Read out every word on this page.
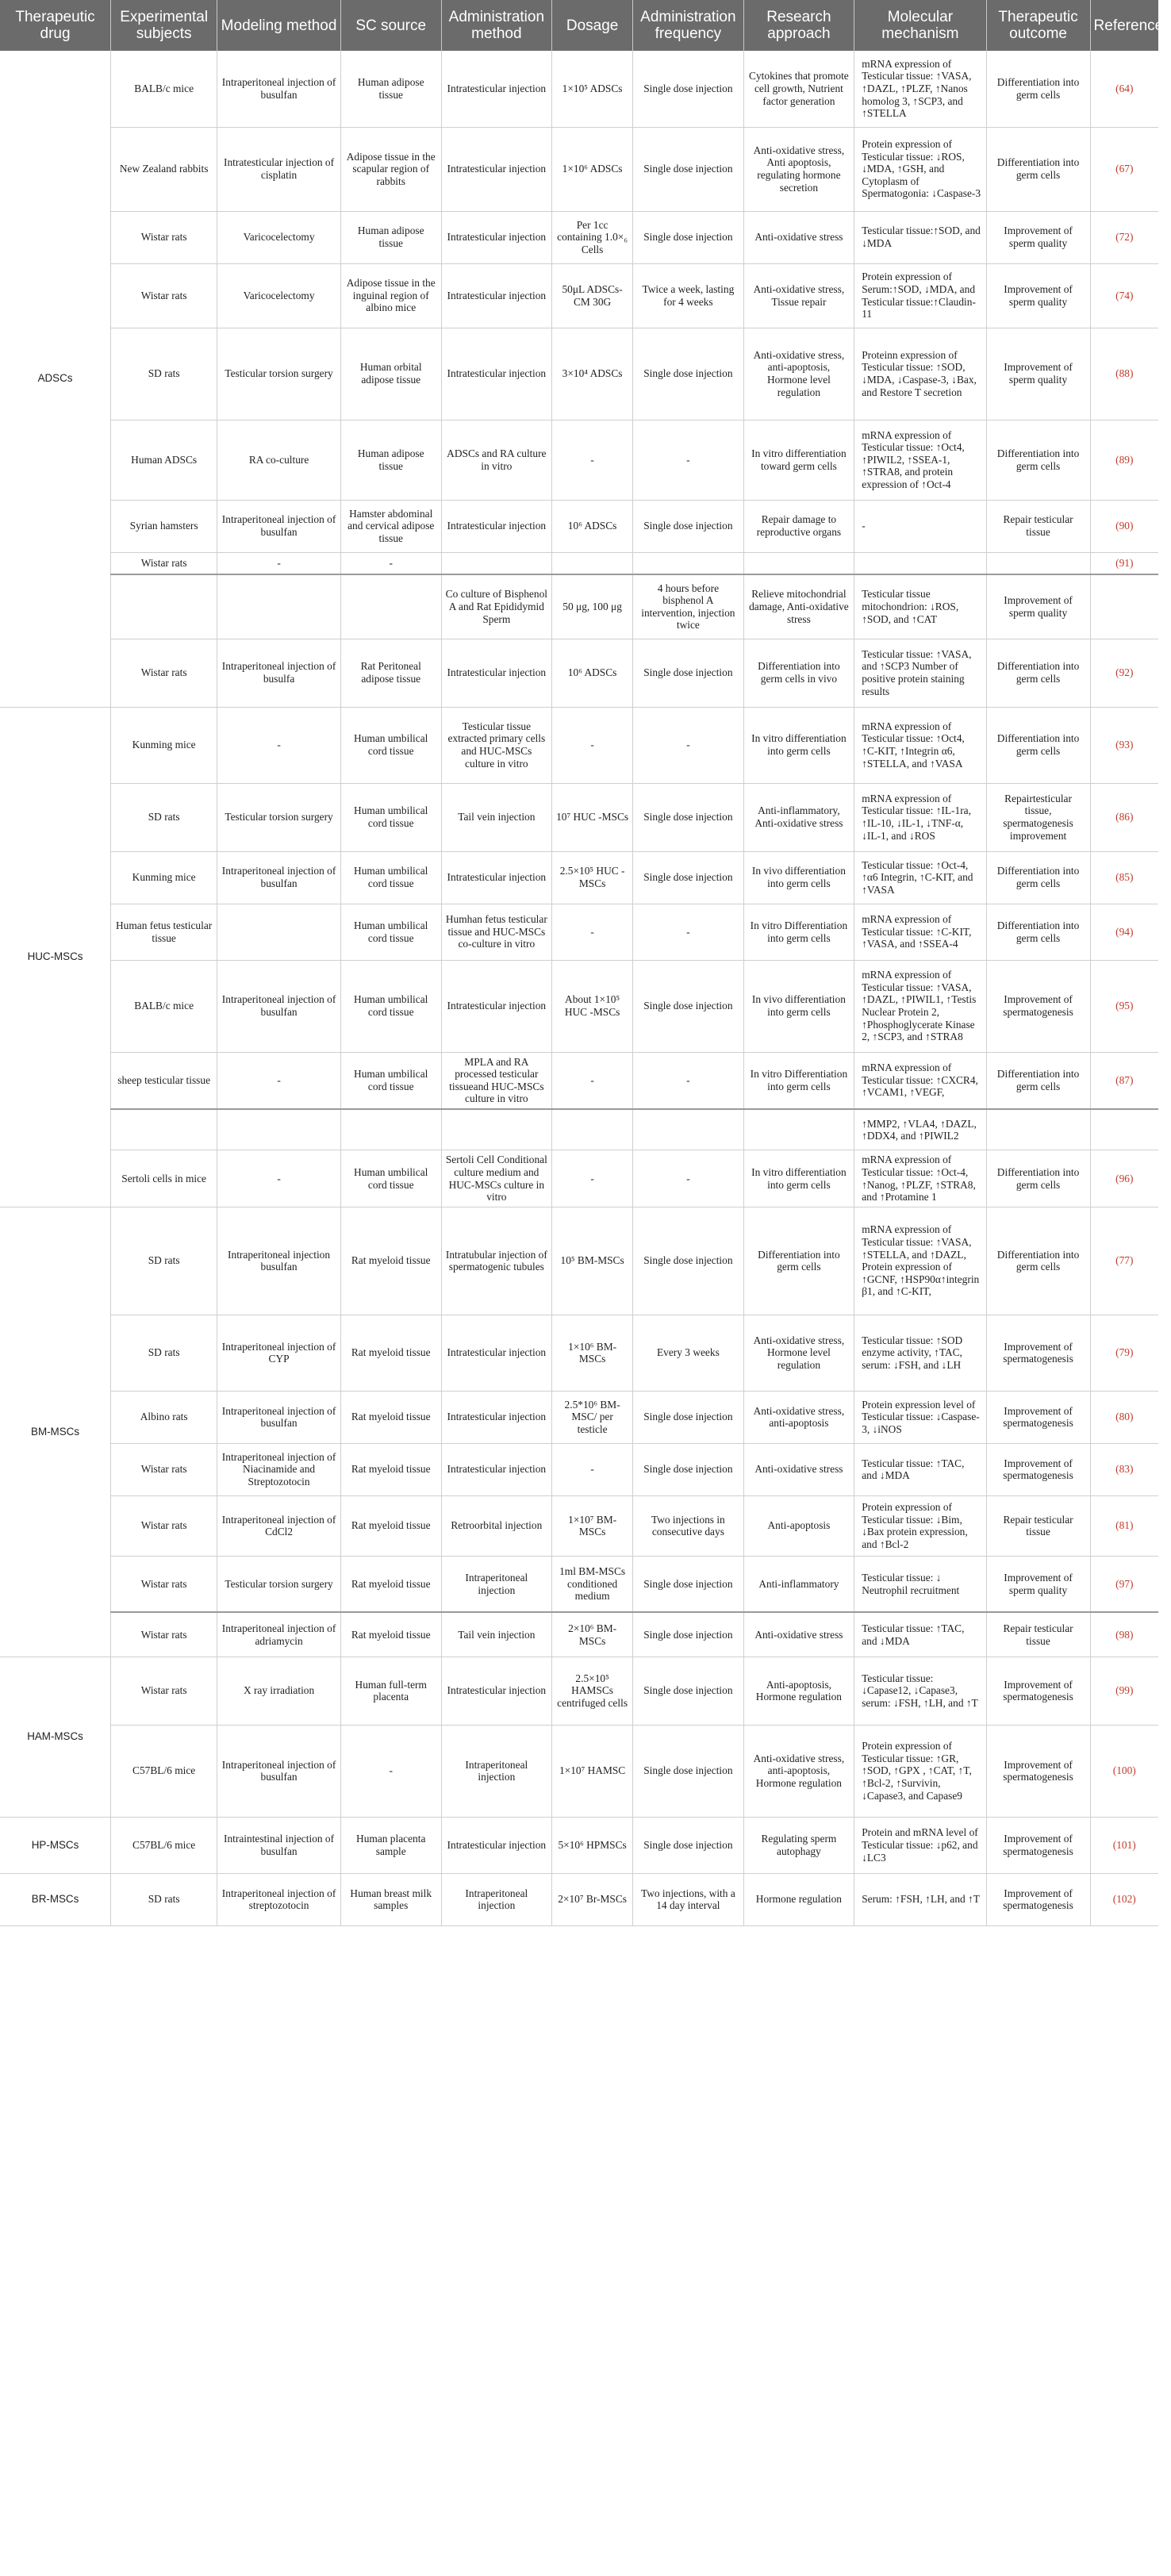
Therapeutic drug	Experimental subjects	Modeling method	SC source	Administration method	Dosage	Administration frequency	Research approach	Molecular mechanism	Therapeutic outcome	References
ADSCs	BALB/c mice	Intraperitoneal injection of busulfan	Human adipose tissue	Intratesticular injection	1×10⁵ ADSCs	Single dose injection	Cytokines that promote cell growth, Nutrient factor generation	mRNA expression of Testicular tissue: ↑VASA, ↑DAZL, ↑PLZF, ↑Nanos homolog 3, ↑SCP3, and ↑STELLA	Differentiation into germ cells	(64)
	New Zealand rabbits	Intratesticular injection of cisplatin	Adipose tissue in the scapular region of rabbits	Intratesticular injection	1×10⁶ ADSCs	Single dose injection	Anti-oxidative stress, Anti apoptosis, regulating hormone secretion	Protein expression of Testicular tissue: ↓ROS, ↓MDA, ↑GSH, and Cytoplasm of Spermatogonia: ↓Caspase-3	Differentiation into germ cells	(67)
	Wistar rats	Varicocelectomy	Human adipose tissue	Intratesticular injection	Per 1cc containing 1.0×₆ Cells	Single dose injection	Anti-oxidative stress	Testicular tissue:↑SOD, and ↓MDA	Improvement of sperm quality	(72)
	Wistar rats	Varicocelectomy	Adipose tissue in the inguinal region of albino mice	Intratesticular injection	50μL ADSCs-CM 30G	Twice a week, lasting for 4 weeks	Anti-oxidative stress, Tissue repair	Protein expression of Serum:↑SOD, ↓MDA, and Testicular tissue:↑Claudin-11	Improvement of sperm quality	(74)
	SD rats	Testicular torsion surgery	Human orbital adipose tissue	Intratesticular injection	3×10⁴ ADSCs	Single dose injection	Anti-oxidative stress, anti-apoptosis, Hormone level regulation	Proteinn expression of Testicular tissue: ↑SOD, ↓MDA, ↓Caspase-3, ↓Bax, and Restore T secretion	Improvement of sperm quality	(88)
	Human ADSCs	RA co-culture	Human adipose tissue	ADSCs and RA culture in vitro	-	-	In vitro differentiation toward germ cells	mRNA expression of Testicular tissue: ↑Oct4, ↑PIWIL2, ↑SSEA-1, ↑STRA8, and protein expression of ↑Oct-4	Differentiation into germ cells	(89)
	Syrian hamsters	Intraperitoneal injection of busulfan	Hamster abdominal and cervical adipose tissue	Intratesticular injection	10⁶ ADSCs	Single dose injection	Repair damage to reproductive organs	-	Repair testicular tissue	(90)
	Wistar rats	-	-							(91)
				Co culture of Bisphenol A and Rat Epididymid Sperm	50 μg, 100 μg	4 hours before bisphenol A intervention, injection twice	Relieve mitochondrial damage, Anti-oxidative stress	Testicular tissue mitochondrion: ↓ROS, ↑SOD, and ↑CAT	Improvement of sperm quality	
	Wistar rats	Intraperitoneal injection of busulfa	Rat Peritoneal adipose tissue	Intratesticular injection	10⁶ ADSCs	Single dose injection	Differentiation into germ cells in vivo	Testicular tissue: ↑VASA, and ↑SCP3 Number of positive protein staining results	Differentiation into germ cells	(92)
HUC-MSCs	Kunming mice	-	Human umbilical cord tissue	Testicular tissue extracted primary cells and HUC-MSCs culture in vitro	-	-	In vitro differentiation into germ cells	mRNA expression of Testicular tissue: ↑Oct4, ↑C-KIT, ↑Integrin α6, ↑STELLA, and ↑VASA	Differentiation into germ cells	(93)
	SD rats	Testicular torsion surgery	Human umbilical cord tissue	Tail vein injection	10⁷ HUC -MSCs	Single dose injection	Anti-inflammatory, Anti-oxidative stress	mRNA expression of Testicular tissue: ↑IL-1ra, ↑IL-10, ↓IL-1, ↓TNF-α, ↓IL-1, and ↓ROS	Repairtesticular tissue, spermatogenesis improvement	(86)
	Kunming mice	Intraperitoneal injection of busulfan	Human umbilical cord tissue	Intratesticular injection	2.5×10⁵ HUC -MSCs	Single dose injection	In vivo differentiation into germ cells	Testicular tissue: ↑Oct-4, ↑α6 Integrin, ↑C-KIT, and ↑VASA	Differentiation into germ cells	(85)
	Human fetus testicular tissue		Human umbilical cord tissue	Humhan fetus testicular tissue and HUC-MSCs co-culture in vitro	-	-	In vitro Differentiation into germ cells	mRNA expression of Testicular tissue: ↑C-KIT, ↑VASA, and ↑SSEA-4	Differentiation into germ cells	(94)
	BALB/c mice	Intraperitoneal injection of busulfan	Human umbilical cord tissue	Intratesticular injection	About 1×10⁵ HUC -MSCs	Single dose injection	In vivo differentiation into germ cells	mRNA expression of Testicular tissue: ↑VASA, ↑DAZL, ↑PIWIL1, ↑Testis Nuclear Protein 2, ↑Phosphoglycerate Kinase 2, ↑SCP3, and ↑STRA8	Improvement of spermatogenesis	(95)
	sheep testicular tissue	-	Human umbilical cord tissue	MPLA and RA processed testicular tissueand HUC-MSCs culture in vitro	-	-	In vitro Differentiation into germ cells	mRNA expression of Testicular tissue: ↑CXCR4, ↑VCAM1, ↑VEGF,	Differentiation into germ cells	(87)
								↑MMP2, ↑VLA4, ↑DAZL, ↑DDX4, and ↑PIWIL2		
	Sertoli cells in mice	-	Human umbilical cord tissue	Sertoli Cell Conditional culture medium and HUC-MSCs culture in vitro	-	-	In vitro differentiation into germ cells	mRNA expression of Testicular tissue: ↑Oct-4, ↑Nanog, ↑PLZF, ↑STRA8, and ↑Protamine 1	Differentiation into germ cells	(96)
BM-MSCs	SD rats	Intraperitoneal injection busulfan	Rat myeloid tissue	Intratubular injection of spermatogenic tubules	10⁵ BM-MSCs	Single dose injection	Differentiation into germ cells	mRNA expression of Testicular tissue: ↑VASA, ↑STELLA, and ↑DAZL, Protein expression of ↑GCNF, ↑HSP90α↑integrin β1, and ↑C-KIT,	Differentiation into germ cells	(77)
	SD rats	Intraperitoneal injection of CYP	Rat myeloid tissue	Intratesticular injection	1×10⁶ BM-MSCs	Every 3 weeks	Anti-oxidative stress, Hormone level regulation	Testicular tissue: ↑SOD enzyme activity, ↑TAC, serum: ↓FSH, and ↓LH	Improvement of spermatogenesis	(79)
	Albino rats	Intraperitoneal injection of busulfan	Rat myeloid tissue	Intratesticular injection	2.5*10⁶ BM-MSC/ per testicle	Single dose injection	Anti-oxidative stress, anti-apoptosis	Protein expression level of Testicular tissue: ↓Caspase-3, ↓iNOS	Improvement of spermatogenesis	(80)
	Wistar rats	Intraperitoneal injection of Niacinamide and Streptozotocin	Rat myeloid tissue	Intratesticular injection	-	Single dose injection	Anti-oxidative stress	Testicular tissue: ↑TAC, and ↓MDA	Improvement of spermatogenesis	(83)
	Wistar rats	Intraperitoneal injection of CdCl2	Rat myeloid tissue	Retroorbital injection	1×10⁷ BM-MSCs	Two injections in consecutive days	Anti-apoptosis	Protein expression of Testicular tissue: ↓Bim, ↓Bax protein expression, and ↑Bcl-2	Repair testicular tissue	(81)
	Wistar rats	Testicular torsion surgery	Rat myeloid tissue	Intraperitoneal injection	1ml BM-MSCs conditioned medium	Single dose injection	Anti-inflammatory	Testicular tissue: ↓ Neutrophil recruitment	Improvement of sperm quality	(97)
	Wistar rats	Intraperitoneal injection of adriamycin	Rat myeloid tissue	Tail vein injection	2×10⁶ BM-MSCs	Single dose injection	Anti-oxidative stress	Testicular tissue: ↑TAC, and ↓MDA	Repair testicular tissue	(98)
HAM-MSCs	Wistar rats	X ray irradiation	Human full-term placenta	Intratesticular injection	2.5×10⁵ HAMSCs centrifuged cells	Single dose injection	Anti-apoptosis, Hormone regulation	Testicular tissue: ↓Capase12, ↓Capase3, serum: ↓FSH, ↑LH, and ↑T	Improvement of spermatogenesis	(99)
	C57BL/6 mice	Intraperitoneal injection of busulfan	-	Intraperitoneal injection	1×10⁷ HAMSC	Single dose injection	Anti-oxidative stress, anti-apoptosis, Hormone regulation	Protein expression of Testicular tissue: ↑GR, ↑SOD, ↑GPX , ↑CAT, ↑T, ↑Bcl-2, ↑Survivin, ↓Capase3, and Capase9	Improvement of spermatogenesis	(100)
HP-MSCs	C57BL/6 mice	Intraintestinal injection of busulfan	Human placenta sample	Intratesticular injection	5×10⁶ HPMSCs	Single dose injection	Regulating sperm autophagy	Protein and mRNA level of Testicular tissue: ↓p62, and ↓LC3	Improvement of spermatogenesis	(101)
BR-MSCs	SD rats	Intraperitoneal injection of streptozotocin	Human breast milk samples	Intraperitoneal injection	2×10⁷ Br-MSCs	Two injections, with a 14 day interval	Hormone regulation	Serum: ↑FSH, ↑LH, and ↑T	Improvement of spermatogenesis	(102)
